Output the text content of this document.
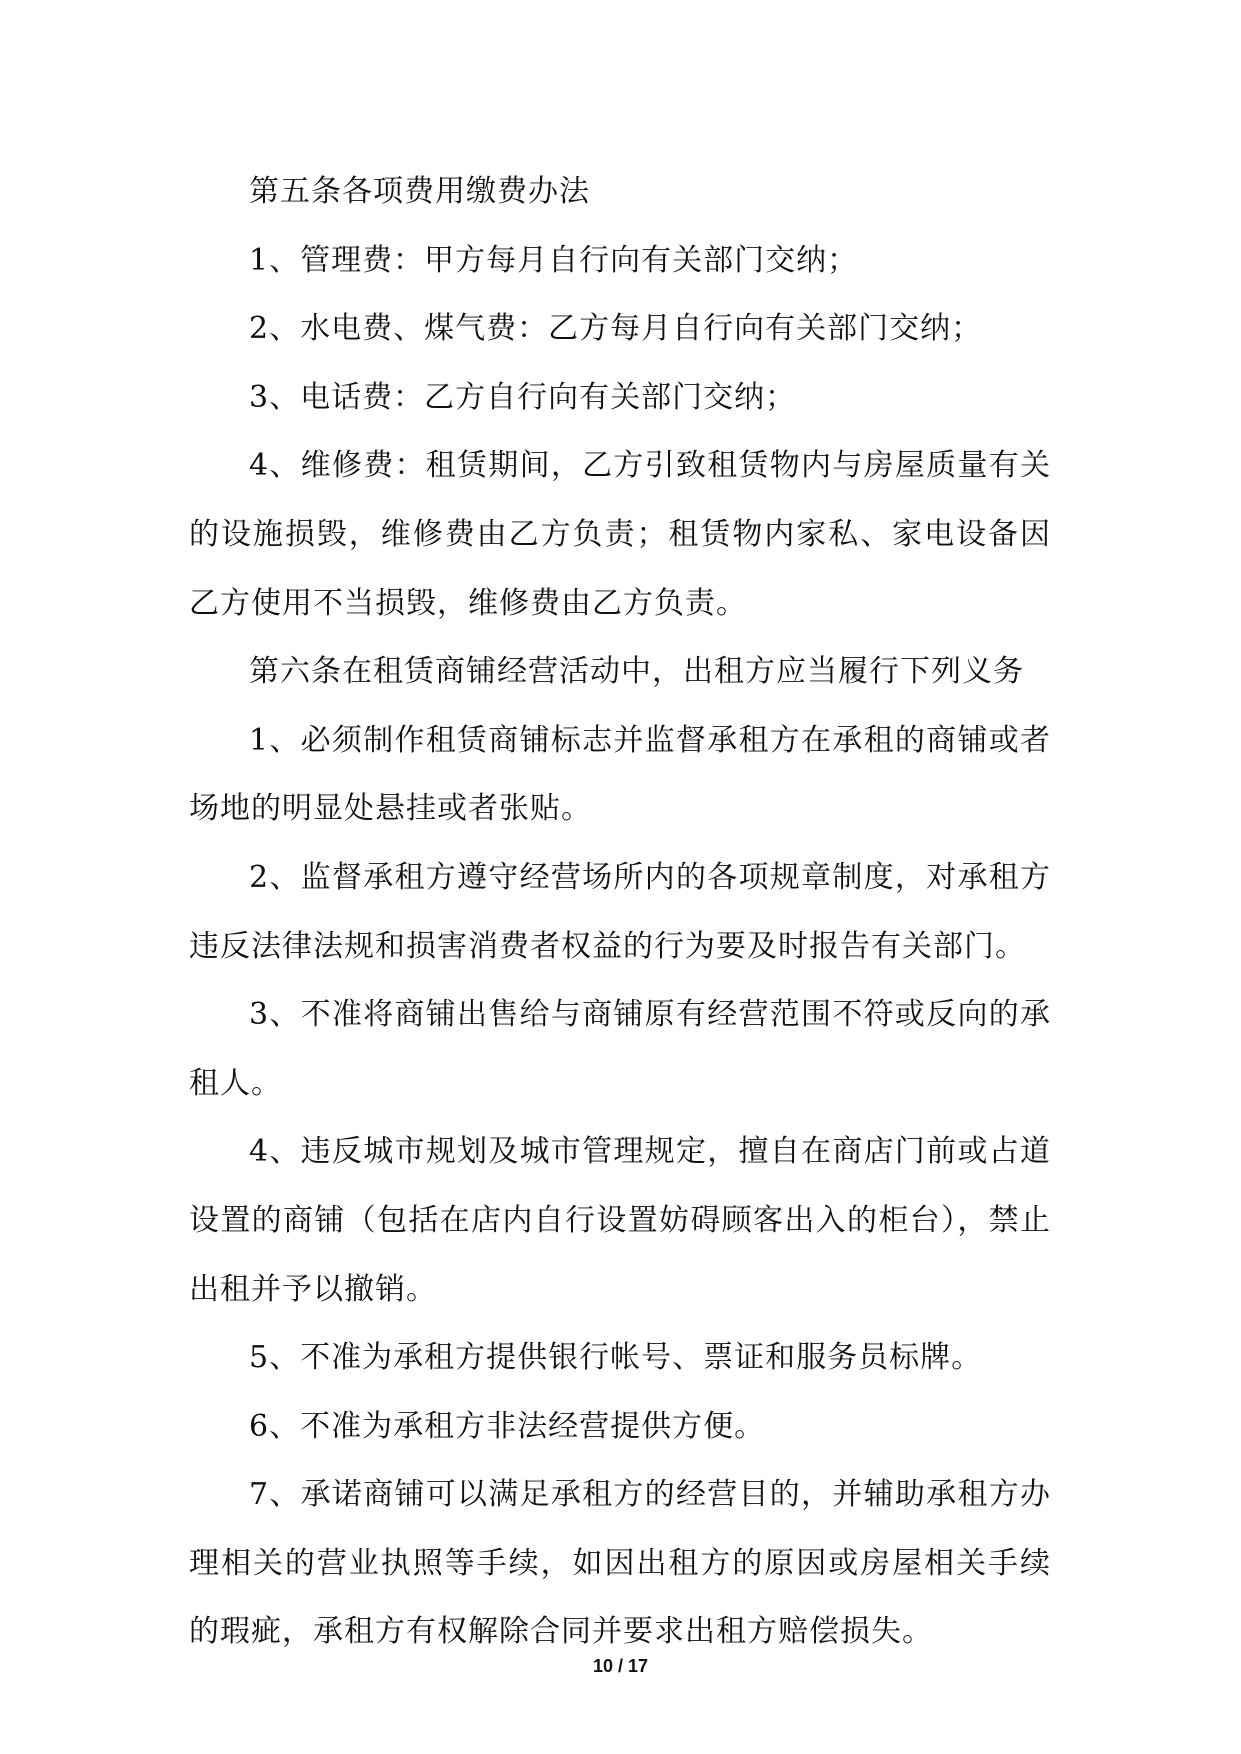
第五条各项费用缴费办法

1、管理费：甲方每月自行向有关部门交纳；

2、水电费、煤气费：乙方每月自行向有关部门交纳；

3、电话费：乙方自行向有关部门交纳；

4、维修费：租赁期间，乙方引致租赁物内与房屋质量有关的设施损毁，维修费由乙方负责；租赁物内家私、家电设备因乙方使用不当损毁，维修费由乙方负责。

第六条在租赁商铺经营活动中，出租方应当履行下列义务

1、必须制作租赁商铺标志并监督承租方在承租的商铺或者场地的明显处悬挂或者张贴。

2、监督承租方遵守经营场所内的各项规章制度，对承租方违反法律法规和损害消费者权益的行为要及时报告有关部门。

3、不准将商铺出售给与商铺原有经营范围不符或反向的承租人。

4、违反城市规划及城市管理规定，擅自在商店门前或占道设置的商铺（包括在店内自行设置妨碍顾客出入的柜台），禁止出租并予以撤销。

5、不准为承租方提供银行帐号、票证和服务员标牌。

6、不准为承租方非法经营提供方便。

7、承诺商铺可以满足承租方的经营目的，并辅助承租方办理相关的营业执照等手续，如因出租方的原因或房屋相关手续的瑕疵，承租方有权解除合同并要求出租方赔偿损失。

10 / 17
